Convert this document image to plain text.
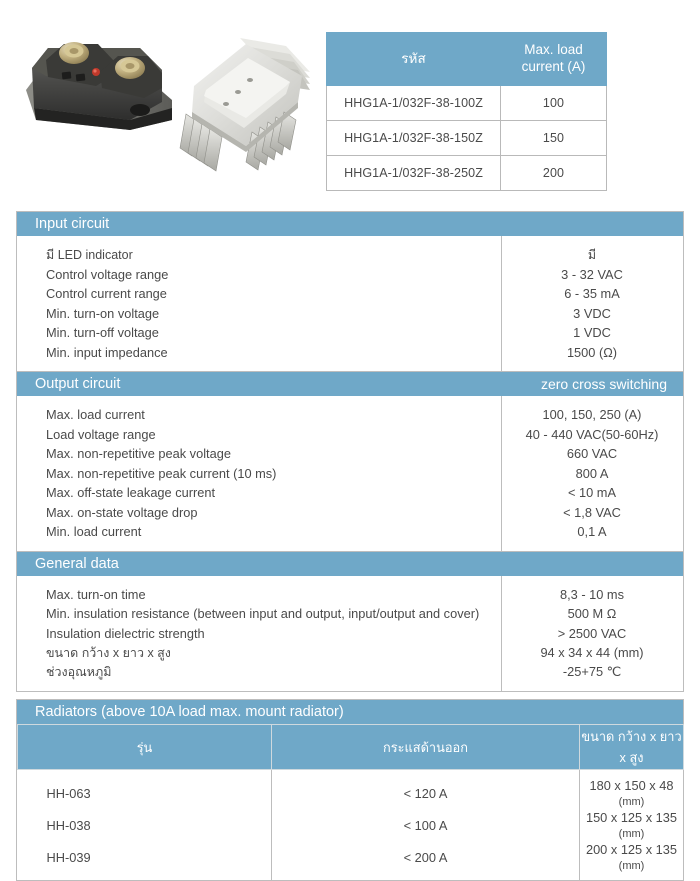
รหัส	Max. load
current (A)

HHG1A-1/032F-38-100Z	100
HHG1A-1/032F-38-150Z	150
HHG1A-1/032F-38-250Z	200
Input circuit
มี LED indicator	มี
Control voltage range	3 - 32 VAC
Control current range	6 - 35 mA
Min. turn-on voltage	3 VDC
Min. turn-off voltage	1 VDC
Min. input impedance	1500 (Ω)
Output circuit	zero cross switching
Max. load current	100, 150, 250 (A)
Load voltage range	40 - 440 VAC(50-60Hz)
Max. non-repetitive peak voltage	660 VAC
Max. non-repetitive peak current (10 ms)	800 A
Max. off-state leakage current	< 10 mA
Max. on-state voltage drop	< 1,8 VAC
Min. load current	0,1 A
General data
Max. turn-on time	8,3 - 10 ms
Min. insulation resistance (between input and output, input/output and cover)	500 M Ω
Insulation dielectric strength	> 2500 VAC
ขนาด กว้าง x ยาว x สูง	94 x 34 x 44 (mm)
ช่วงอุณหภูมิ	-25+75 ℃
Radiators (above 10A load max. mount radiator)
รุ่น	กระแสด้านออก	ขนาด กว้าง x ยาว x สูง
HH-063	< 120 A	180 x 150 x 48 (mm)
HH-038	< 100 A	150 x 125 x 135 (mm)
HH-039	< 200 A	200 x 125 x 135 (mm)
